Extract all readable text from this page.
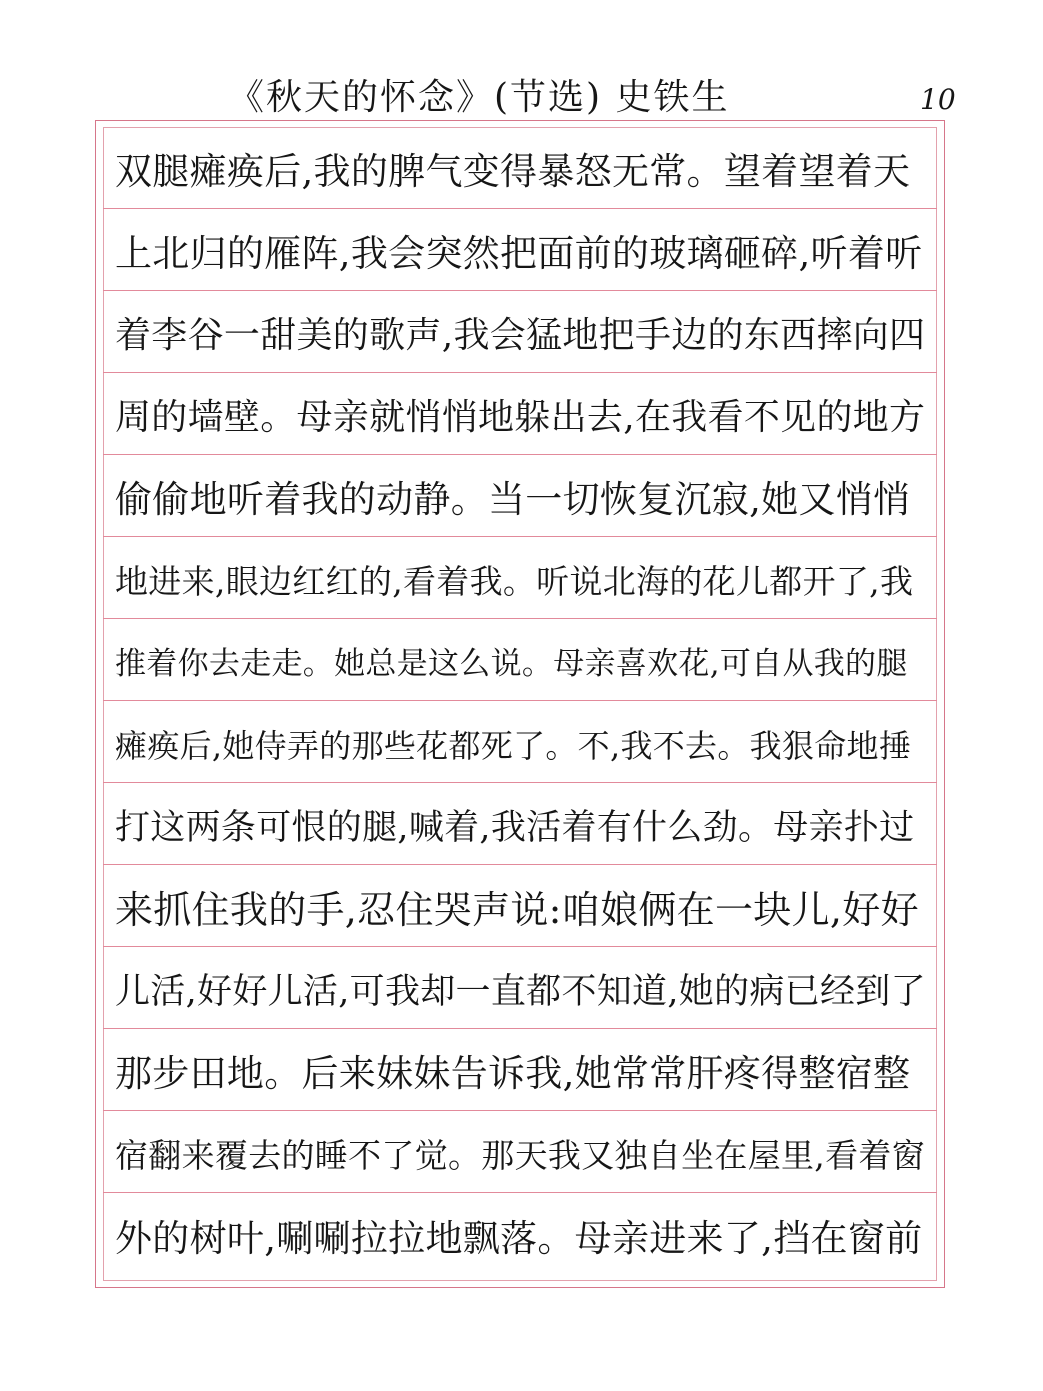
《秋天的怀念》(节选) 史铁生	10
双腿瘫痪后,我的脾气变得暴怒无常。望着望着天
上北归的雁阵,我会突然把面前的玻璃砸碎,听着听
着李谷一甜美的歌声,我会猛地把手边的东西摔向四
周的墙壁。母亲就悄悄地躲出去,在我看不见的地方
偷偷地听着我的动静。当一切恢复沉寂,她又悄悄
地进来,眼边红红的,看着我。听说北海的花儿都开了,我
推着你去走走。她总是这么说。母亲喜欢花,可自从我的腿
瘫痪后,她侍弄的那些花都死了。不,我不去。我狠命地捶
打这两条可恨的腿,喊着,我活着有什么劲。母亲扑过
来抓住我的手,忍住哭声说:咱娘俩在一块儿,好好
儿活,好好儿活,可我却一直都不知道,她的病已经到了
那步田地。后来妹妹告诉我,她常常肝疼得整宿整
宿翻来覆去的睡不了觉。那天我又独自坐在屋里,看着窗
外的树叶,唰唰拉拉地飘落。母亲进来了,挡在窗前
